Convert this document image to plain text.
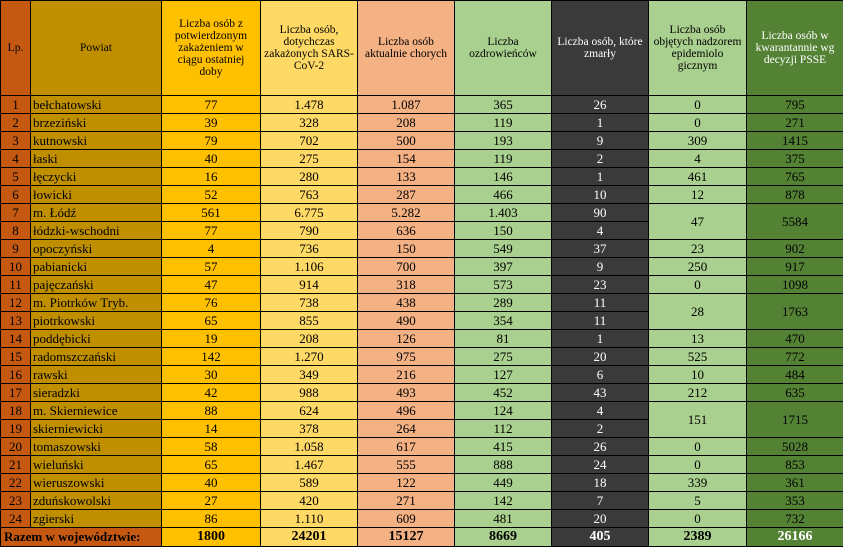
Lp.	Powiat	Liczba osób z potwierdzonym zakażeniem w ciągu ostatniej doby	Liczba osób, dotychczas zakażonych SARS-CoV-2	Liczba osób aktualnie chorych	Liczba ozdrowieńców	Liczba osób, które zmarły	Liczba osób objętych nadzorem epidemiolo gicznym	Liczba osób w kwarantannie wg decyzji PSSE
1	bełchatowski	77	1.478	1.087	365	26	0	795
2	brzeziński	39	328	208	119	1	0	271
3	kutnowski	79	702	500	193	9	309	1415
4	łaski	40	275	154	119	2	4	375
5	łęczycki	16	280	133	146	1	461	765
6	łowicki	52	763	287	466	10	12	878
7	m. Łódź	561	6.775	5.282	1.403	90	47	5584
8	łódzki-wschodni	77	790	636	150	4		
9	opoczyński	4	736	150	549	37	23	902
10	pabianicki	57	1.106	700	397	9	250	917
11	pajęczański	47	914	318	573	23	0	1098
12	m. Piotrków Tryb.	76	738	438	289	11	28	1763
13	piotrkowski	65	855	490	354	11		
14	poddębicki	19	208	126	81	1	13	470
15	radomszczański	142	1.270	975	275	20	525	772
16	rawski	30	349	216	127	6	10	484
17	sieradzki	42	988	493	452	43	212	635
18	m. Skierniewice	88	624	496	124	4	151	1715
19	skierniewicki	14	378	264	112	2		
20	tomaszowski	58	1.058	617	415	26	0	5028
21	wieluński	65	1.467	555	888	24	0	853
22	wieruszowski	40	589	122	449	18	339	361
23	zduńskowolski	27	420	271	142	7	5	353
24	zgierski	86	1.110	609	481	20	0	732
Razem w województwie:		1800	24201	15127	8669	405	2389	26166
